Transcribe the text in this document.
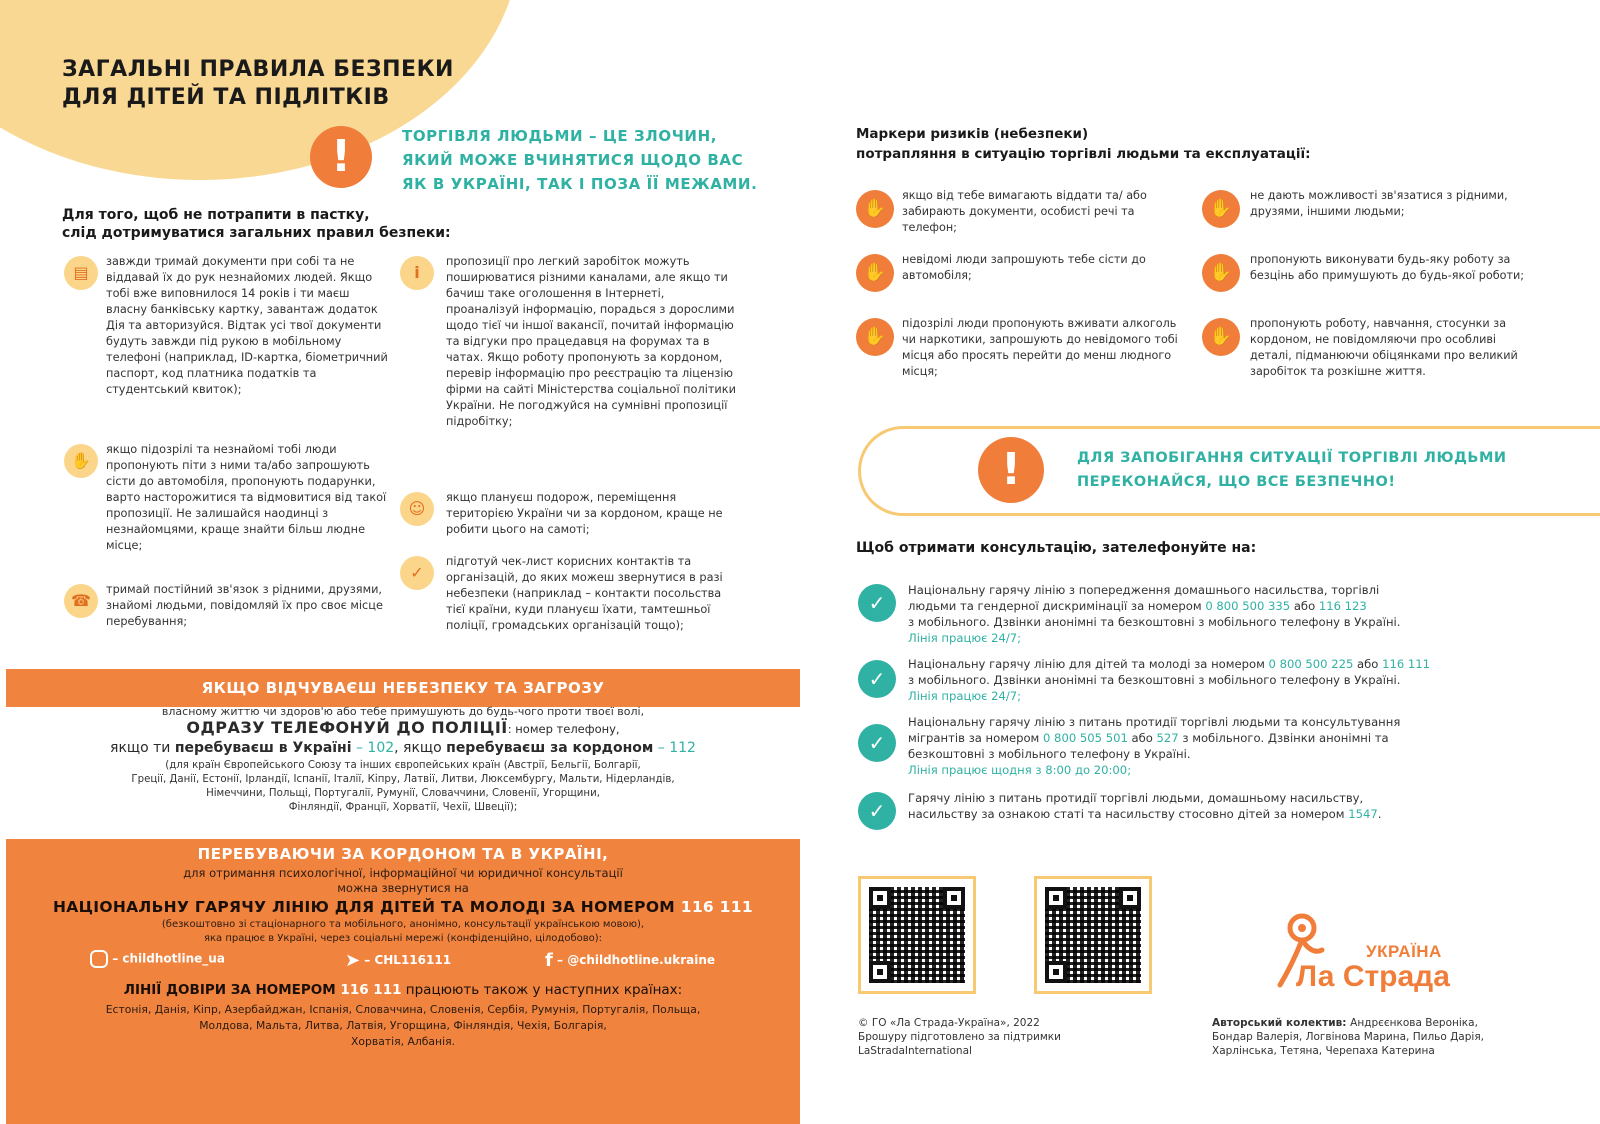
ЗАГАЛЬНІ ПРАВИЛА БЕЗПЕКИ
ДЛЯ ДІТЕЙ ТА ПІДЛІТКІВ
!	ТОРГІВЛЯ ЛЮДЬМИ – ЦЕ ЗЛОЧИН,
ЯКИЙ МОЖЕ ВЧИНЯТИСЯ ЩОДО ВАС
ЯК В УКРАЇНІ, ТАК І ПОЗА ЇЇ МЕЖАМИ.
Для того, щоб не потрапити в пастку,
слід дотримуватися загальних правил безпеки:
▤
завжди тримай документи при собі та не віддавай їх до рук незнайомих людей. Якщо тобі вже виповнилося 14 років і ти маєш власну банківську картку, завантаж додаток Дія та авторизуйся. Відтак усі твої документи будуть завжди під рукою в мобільному телефоні (наприклад, ID-картка, біометричний паспорт, код платника податків та студентський квиток);
✋
якщо підозрілі та незнайомі тобі люди пропонують піти з ними та/або запрошують сісти до автомобіля, пропонують подарунки, варто насторожитися та відмовитися від такої пропозиції. Не залишайся наодинці з незнайомцями, краще знайти більш людне місце;
☎
тримай постійний зв'язок з рідними, друзями, знайомі людьми, повідомляй їх про своє місце перебування;
i
пропозиції про легкий заробіток можуть поширюватися різними каналами, але якщо ти бачиш таке оголошення в Інтернеті, проаналізуй інформацію, порадься з дорослими щодо тієї чи іншої вакансії, почитай інформацію та відгуки про працедавця на форумах та в чатах. Якщо роботу пропонують за кордоном, перевір інформацію про реєстрацію та ліцензію фірми на сайті Міністерства соціальної політики України. Не погоджуйся на сумнівні пропозиції підробітку;
☺
якщо плануєш подорож, переміщення територією України чи за кордоном, краще не робити цього на самоті;
✓
підготуй чек-лист корисних контактів та організацій, до яких можеш звернутися в разі небезпеки (наприклад – контакти посольства тієї країни, куди плануєш їхати, тамтешньої поліції, громадських організацій тощо);
ЯКЩО ВІДЧУВАЄШ НЕБЕЗПЕКУ ТА ЗАГРОЗУ
власному життю чи здоров'ю або тебе примушують до будь-чого проти твоєї волі,
ОДРАЗУ ТЕЛЕФОНУЙ ДО ПОЛІЦІЇ: номер телефону,
якщо ти перебуваєш в Україні – 102, якщо перебуваєш за кордоном – 112
(для країн Європейського Союзу та інших європейських країн (Австрії, Бельгії, Болгарії,
Греції, Данії, Естонії, Ірландії, Іспанії, Італії, Кіпру, Латвії, Литви, Люксембургу, Мальти, Нідерландів,
Німеччини, Польщі, Португалії, Румунії, Словаччини, Словенії, Угорщини,
Фінляндії, Франції, Хорватії, Чехії, Швеції);
ПЕРЕБУВАЮЧИ ЗА КОРДОНОМ ТА В УКРАЇНІ,
для отримання психологічної, інформаційної чи юридичної консультації
можна звернутися на
НАЦІОНАЛЬНУ ГАРЯЧУ ЛІНІЮ ДЛЯ ДІТЕЙ ТА МОЛОДІ ЗА НОМЕРОМ 116 111
(безкоштовно зі стаціонарного та мобільного, анонімно, консультації українською мовою),
яка працює в Україні, через соціальні мережі (конфіденційно, цілодобово):
– childhotline_ua	➤ – CHL116111	f – @childhotline.ukraine
ЛІНІЇ ДОВІРИ ЗА НОМЕРОМ 116 111 працюють також у наступних країнах:
Естонія, Данія, Кіпр, Азербайджан, Іспанія, Словаччина, Словенія, Сербія, Румунія, Португалія, Польща,
Молдова, Мальта, Литва, Латвія, Угорщина, Фінляндія, Чехія, Болгарія,
Хорватія, Албанія.
Маркери ризиків (небезпеки)
потрапляння в ситуацію торгівлі людьми та експлуатації:
✋
якщо від тебе вимагають віддати та/ або забирають документи, особисті речі та телефон;
✋
не дають можливості зв'язатися з рідними, друзями, іншими людьми;
✋
невідомі люди запрошують тебе сісти до автомобіля;	✋
пропонують виконувати будь-яку роботу за безцінь або примушують до будь-якої роботи;
✋
підозрілі люди пропонують вживати алкоголь чи наркотики, запрошують до невідомого тобі місця або просять перейти до менш людного місця;
✋
пропонують роботу, навчання, стосунки за кордоном, не повідомляючи про особливі деталі, підманюючи обіцянками про великий заробіток та розкішне життя.
!	ДЛЯ ЗАПОБІГАННЯ СИТУАЦІЇ ТОРГІВЛІ ЛЮДЬМИ
ПЕРЕКОНАЙСЯ, ЩО ВСЕ БЕЗПЕЧНО!
Щоб отримати консультацію, зателефонуйте на:
✓
Національну гарячу лінію з попередження домашнього насильства, торгівлі
людьми та гендерної дискримінації за номером 0 800 500 335 або 116 123
з мобільного. Дзвінки анонімні та безкоштовні з мобільного телефону в Україні.
Лінія працює 24/7;
✓
Національну гарячу лінію для дітей та молоді за номером 0 800 500 225 або 116 111
з мобільного. Дзвінки анонімні та безкоштовні з мобільного телефону в Україні.
Лінія працює 24/7;
✓
Національну гарячу лінію з питань протидії торгівлі людьми та консультування
мігрантів за номером 0 800 505 501 або 527 з мобільного. Дзвінки анонімні та
безкоштовні з мобільного телефону в Україні.
Лінія працює щодня з 8:00 до 20:00;
✓
Гарячу лінію з питань протидії торгівлі людьми, домашньому насильству,
насильству за ознакою статі та насильству стосовно дітей за номером 1547.
УКРАЇНА
Ла Страда
© ГО «Ла Страда-Україна», 2022
Брошуру підготовлено за підтримки
LaStradaInternational
Авторський колектив: Андрєєнкова Вероніка,
Бондар Валерія, Логвінова Марина, Пильо Дарія,
Харлінська, Тетяна, Черепаха Катерина
